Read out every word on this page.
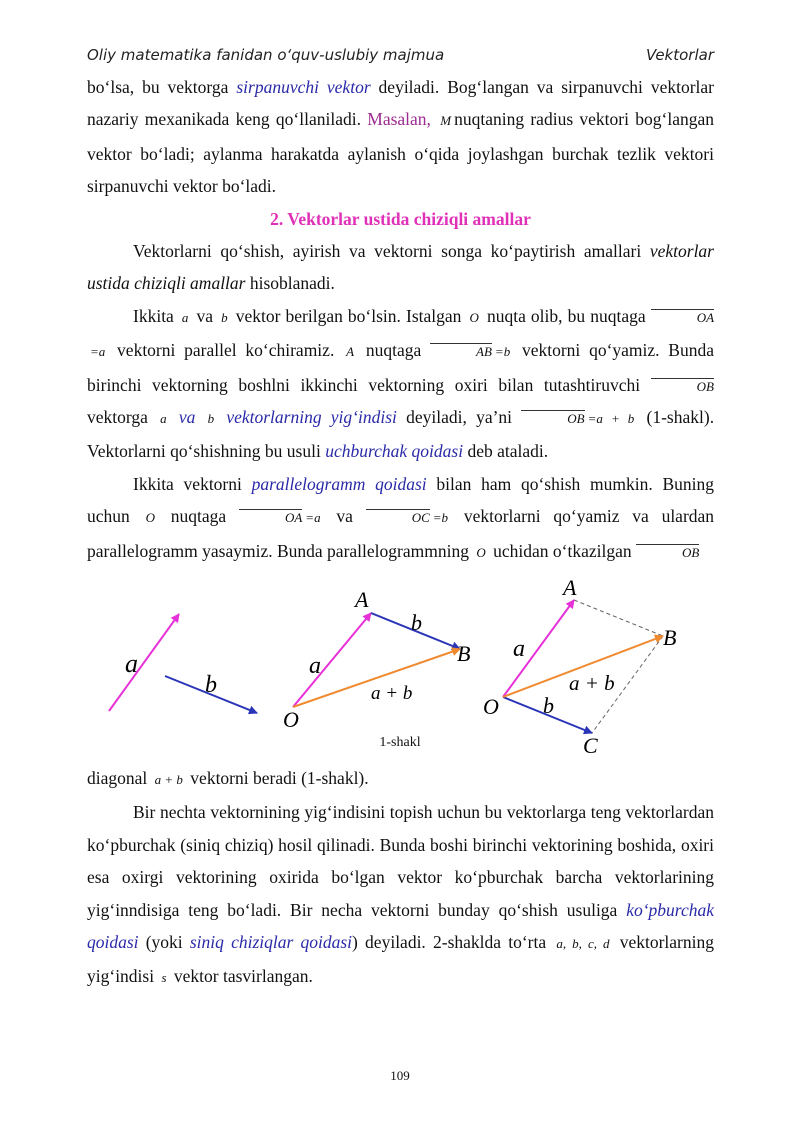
Oliy matematika fanidan o‘quv-uslubiy majmua	Vektorlar

bo‘lsa, bu vektorga sirpanuvchi vektor deyiladi. Bog‘langan va sirpanuvchi vektorlar nazariy mexanikada keng qo‘llaniladi. Masalan, M nuqtaning radius vektori bog‘langan vektor bo‘ladi; aylanma harakatda aylanish o‘qida joylashgan burchak tezlik vektori sirpanuvchi vektor bo‘ladi.

2. Vektorlar ustida chiziqli amallar

Vektorlarni qo‘shish, ayirish va vektorni songa ko‘paytirish amallari vektorlar ustida chiziqli amallar hisoblanadi.

Ikkita a va b vektor berilgan bo‘lsin. Istalgan O nuqta olib, bu nuqtaga	OA=a vektorni parallel ko‘chiramiz. A nuqtaga	AB =b vektorni qo‘yamiz. Bunda birinchi vektorning boshlni ikkinchi vektorning oxiri bilan tutashtiruvchi	OB vektorga a va b vektorlarning yig‘indisi deyiladi, ya’ni	OB =a + b (1-shakl). Vektorlarni qo‘shishning bu usuli uchburchak qoidasi deb ataladi.

Ikkita vektorni parallelogramm qoidasi bilan ham qo‘shish mumkin. Buning uchun O nuqtaga	OA =a va	OC =b vektorlarni qo‘yamiz va ulardan parallelogramm yasaymiz. Bunda parallelogrammning O uchidan o‘tkazilgan	OB

a
b
A
b
B
a
a + b
O
A
B
a
a + b
O b
C
1-shakl

diagonal a + b vektorni beradi (1-shakl).

Bir nechta vektornining yig‘indisini topish uchun bu vektorlarga teng vektorlardan ko‘pburchak (siniq chiziq) hosil qilinadi. Bunda boshi birinchi vektorining boshida, oxiri esa oxirgi vektorining oxirida bo‘lgan vektor ko‘pburchak barcha vektorlarining yig‘inndisiga teng bo‘ladi. Bir necha vektorni bunday qo‘shish usuliga ko‘pburchak qoidasi (yoki siniq chiziqlar qoidasi) deyiladi. 2-shaklda to‘rta a, b, c, d vektorlarning yig‘indisi s vektor tasvirlangan.

109
